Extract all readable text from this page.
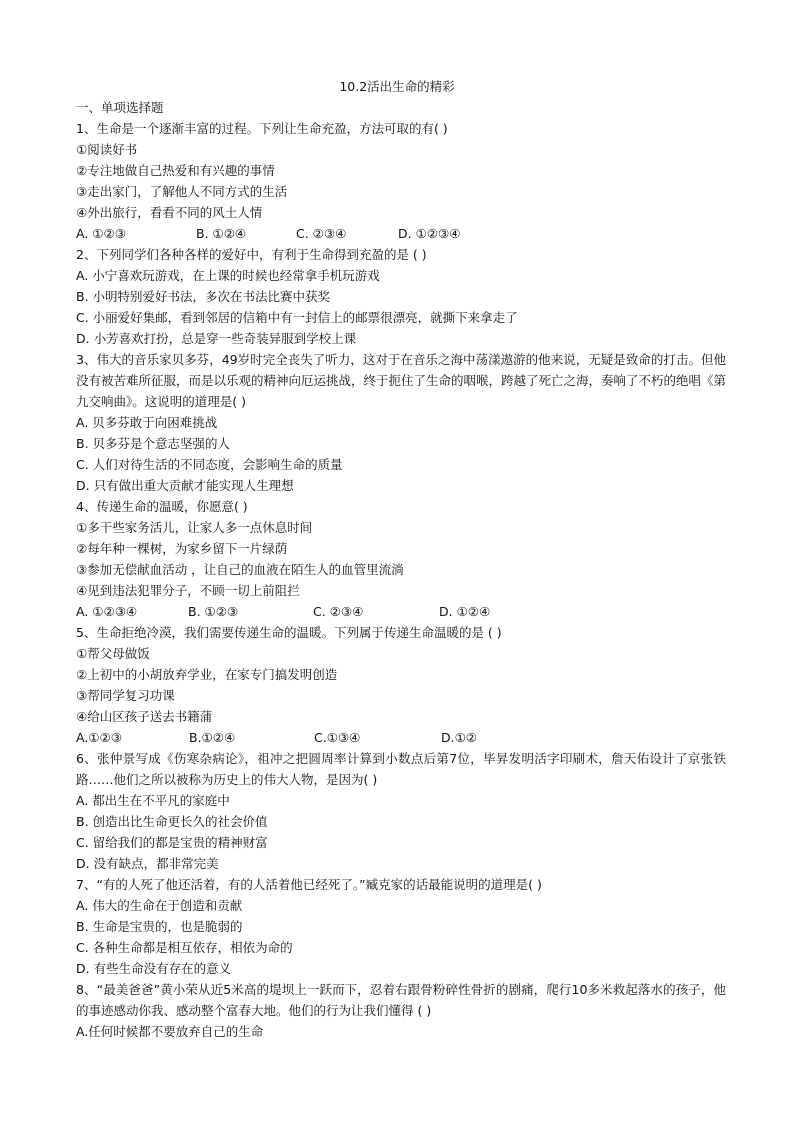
10.2活出生命的精彩
一、单项选择题
1、生命是一个逐渐丰富的过程。下列让生命充盈，方法可取的有( )
①阅读好书
②专注地做自己热爱和有兴趣的事情
③走出家门，了解他人不同方式的生活
④外出旅行，看看不同的风土人情
A. ①②③	B. ①②④	C. ②③④	D. ①②③④
2、下列同学们各种各样的爱好中，有利于生命得到充盈的是 ( )
A. 小宁喜欢玩游戏，在上课的时候也经常拿手机玩游戏
B. 小明特别爱好书法，多次在书法比赛中获奖
C. 小丽爱好集邮，看到邻居的信箱中有一封信上的邮票很漂亮，就撕下来拿走了
D. 小芳喜欢打扮，总是穿一些奇装异服到学校上课
3、伟大的音乐家贝多芬，49岁时完全丧失了听力，这对于在音乐之海中荡漾遨游的他来说，无疑是致命的打击。但他没有被苦难所征服，而是以乐观的精神向厄运挑战，终于扼住了生命的咽喉，跨越了死亡之海，奏响了不朽的绝唱《第九交响曲》。这说明的道理是( )
A. 贝多芬敢于向困难挑战
B. 贝多芬是个意志坚强的人
C. 人们对待生活的不同态度，会影响生命的质量
D. 只有做出重大贡献才能实现人生理想
4、传递生命的温暖，你愿意( )
①多干些家务活儿，让家人多一点休息时间
②每年种一棵树，为家乡留下一片绿荫
③参加无偿献血活动 ，让自己的血液在陌生人的血管里流淌
④见到违法犯罪分子，不顾一切上前阻拦
A. ①②③④	B. ①②③	C. ②③④	D. ①②④
5、生命拒绝冷漠，我们需要传递生命的温暖。下列属于传递生命温暖的是 ( )
①帮父母做饭
②上初中的小胡放弃学业，在家专门搞发明创造
③帮同学复习功课
④给山区孩子送去书籍蒲
A.①②③	B.①②④	C.①③④	D.①②
6、张仲景写成《伤寒杂病论》，祖冲之把圆周率计算到小数点后第7位，毕昇发明活字印刷术，詹天佑设计了京张铁路……他们之所以被称为历史上的伟大人物，是因为( )
A. 都出生在不平凡的家庭中
B. 创造出比生命更长久的社会价值
C. 留给我们的都是宝贵的精神财富
D. 没有缺点，都非常完美
7、“有的人死了他还活着，有的人活着他已经死了。”臧克家的话最能说明的道理是( )
A. 伟大的生命在于创造和贡献
B. 生命是宝贵的，也是脆弱的
C. 各种生命都是相互依存，相依为命的
D. 有些生命没有存在的意义
8、“最美爸爸”黄小荣从近5米高的堤坝上一跃而下，忍着右跟骨粉碎性骨折的剧痛，爬行10多米救起落水的孩子，他的事迹感动你我、感动整个富春大地。他们的行为让我们懂得 ( )
A.任何时候都不要放弃自己的生命
